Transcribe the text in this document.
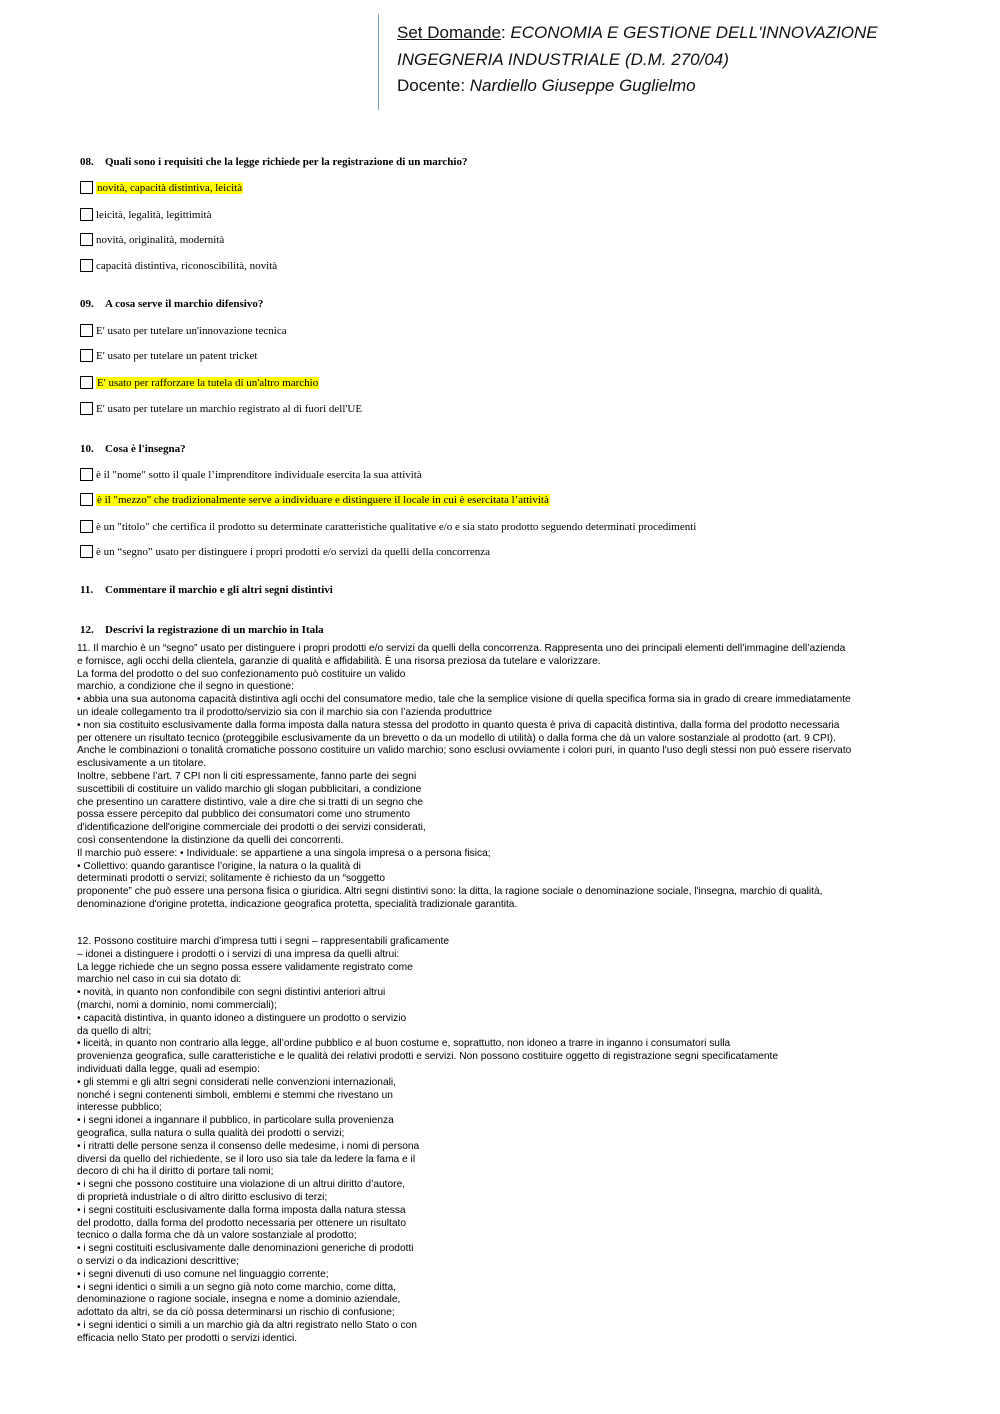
Set Domande: ECONOMIA E GESTIONE DELL'INNOVAZIONE
INGEGNERIA INDUSTRIALE (D.M. 270/04)
Docente: Nardiello Giuseppe Guglielmo
08. Quali sono i requisiti che la legge richiede per la registrazione di un marchio?
novità, capacità distintiva, leicità
leicità, legalità, legittimità
novità, originalità, modernità
capacità distintiva, riconoscibilità, novità
09. A cosa serve il marchio difensivo?
E' usato per tutelare un'innovazione tecnica
E' usato per tutelare un patent tricket
E' usato per rafforzare la tutela di un'altro marchio
E' usato per tutelare un marchio registrato al di fuori dell'UE
10. Cosa è l'insegna?
è il "nome" sotto il quale l’imprenditore individuale esercita la sua attività
è il "mezzo" che tradizionalmente serve a individuare e distinguere il locale in cui è esercitata l’attività
è un "titolo" che certifica il prodotto su determinate caratteristiche qualitative e/o e sia stato prodotto seguendo determinati procedimenti
è un “segno” usato per distinguere i propri prodotti e/o servizi da quelli della concorrenza
11. Commentare il marchio e gli altri segni distintivi
12. Descrivi la registrazione di un marchio in Itala
11. Il marchio è un “segno” usato per distinguere i propri prodotti e/o servizi da quelli della concorrenza. Rappresenta uno dei principali elementi dell’immagine dell’azienda
e fornisce, agli occhi della clientela, garanzie di qualità e affidabilità. È una risorsa preziosa da tutelare e valorizzare.
La forma del prodotto o del suo confezionamento può costituire un valido
marchio, a condizione che il segno in questione:
• abbia una sua autonoma capacità distintiva agli occhi del consumatore medio, tale che la semplice visione di quella specifica forma sia in grado di creare immediatamente
un ideale collegamento tra il prodotto/servizio sia con il marchio sia con l’azienda produttrice
• non sia costituito esclusivamente dalla forma imposta dalla natura stessa del prodotto in quanto questa è priva di capacità distintiva, dalla forma del prodotto necessaria
per ottenere un risultato tecnico (proteggibile esclusivamente da un brevetto o da un modello di utilità) o dalla forma che dà un valore sostanziale al prodotto (art. 9 CPI).
Anche le combinazioni o tonalità cromatiche possono costituire un valido marchio; sono esclusi ovviamente i colori puri, in quanto l'uso degli stessi non può essere riservato
esclusivamente a un titolare.
Inoltre, sebbene l’art. 7 CPI non li citi espressamente, fanno parte dei segni
suscettibili di costituire un valido marchio gli slogan pubblicitari, a condizione
che presentino un carattere distintivo, vale a dire che si tratti di un segno che
possa essere percepito dal pubblico dei consumatori come uno strumento
d'identificazione dell'origine commerciale dei prodotti o dei servizi considerati,
così consentendone la distinzione da quelli dei concorrenti.
Il marchio può essere: • Individuale: se appartiene a una singola impresa o a persona fisica;
• Collettivo: quando garantisce l’origine, la natura o la qualità di
determinati prodotti o servizi; solitamente è richiesto da un “soggetto
proponente” che può essere una persona fisica o giuridica. Altri segni distintivi sono: la ditta, la ragione sociale o denominazione sociale, l'insegna, marchio di qualità,
denominazione d'origine protetta, indicazione geografica protetta, specialità tradizionale garantita.
12. Possono costituire marchi d’impresa tutti i segni – rappresentabili graficamente
– idonei a distinguere i prodotti o i servizi di una impresa da quelli altrui:
La legge richiede che un segno possa essere validamente registrato come
marchio nel caso in cui sia dotato di:
• novità, in quanto non confondibile con segni distintivi anteriori altrui
(marchi, nomi a dominio, nomi commerciali);
• capacità distintiva, in quanto idoneo a distinguere un prodotto o servizio
da quello di altri;
• liceità, in quanto non contrario alla legge, all’ordine pubblico e al buon costume e, soprattutto, non idoneo a trarre in inganno i consumatori sulla
provenienza geografica, sulle caratteristiche e le qualità dei relativi prodotti e servizi. Non possono costituire oggetto di registrazione segni specificatamente
individuati dalla legge, quali ad esempio:
• gli stemmi e gli altri segni considerati nelle convenzioni internazionali,
nonché i segni contenenti simboli, emblemi e stemmi che rivestano un
interesse pubblico;
• i segni idonei a ingannare il pubblico, in particolare sulla provenienza
geografica, sulla natura o sulla qualità dei prodotti o servizi;
• i ritratti delle persone senza il consenso delle medesime, i nomi di persona
diversi da quello del richiedente, se il loro uso sia tale da ledere la fama e il
decoro di chi ha il diritto di portare tali nomi;
• i segni che possono costituire una violazione di un altrui diritto d’autore,
di proprietà industriale o di altro diritto esclusivo di terzi;
• i segni costituiti esclusivamente dalla forma imposta dalla natura stessa
del prodotto, dalla forma del prodotto necessaria per ottenere un risultato
tecnico o dalla forma che dà un valore sostanziale al prodotto;
• i segni costituiti esclusivamente dalle denominazioni generiche di prodotti
o servizi o da indicazioni descrittive;
• i segni divenuti di uso comune nel linguaggio corrente;
• i segni identici o simili a un segno già noto come marchio, come ditta,
denominazione o ragione sociale, insegna e nome a dominio aziendale,
adottato da altri, se da ciò possa determinarsi un rischio di confusione;
• i segni identici o simili a un marchio già da altri registrato nello Stato o con
efficacia nello Stato per prodotti o servizi identici.
